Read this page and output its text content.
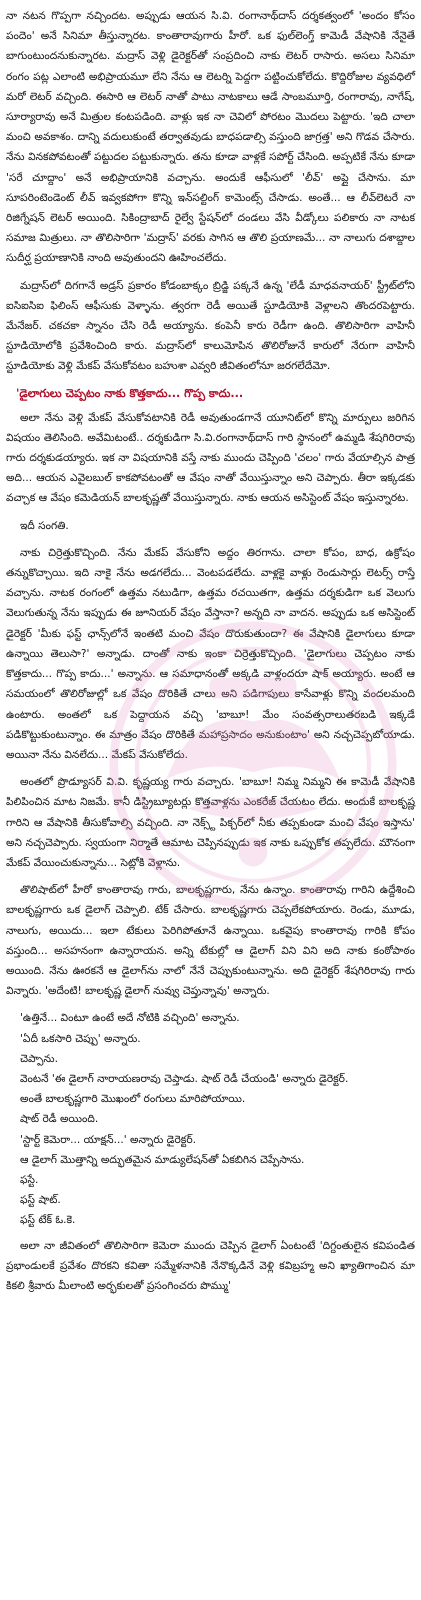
నా నటన గొప్పగా నచ్చిందట. అప్పుడు ఆయన సి.వి. రంగానాథ్‌దాస్ దర్శకత్వంలో 'అందం కోసం పందెం' అనే సినిమా తీస్తున్నారట. కాంతారావుగారు హీరో. ఒక ఫుల్‌లెంగ్త్ కామెడీ వేషానికి నేనైతే బాగుంటుందనుకున్నారట. మద్రాస్ వెళ్లి డైరెక్టర్‌తో సంప్రదించి నాకు లెటర్ రాసారు. అసలు సినిమా రంగం పట్ల ఎలాంటి అభిప్రాయమూ లేని నేను ఆ లెటర్ని పెద్దగా పట్టించుకోలేదు. కొద్దిరోజుల వ్యవధిలో మరో లెటర్ వచ్చింది. ఈసారి ఆ లెటర్ నాతో పాటు నాటకాలు ఆడే సాంబమూర్తి, రంగారావు, నాగేష్, సూర్యారావు అనే మిత్రుల కంటపడింది. వాళ్లు ఇక నా చెవిలో పోరటం మొదలు పెట్టారు. 'ఇది చాలా మంచి అవకాశం. దాన్ని వదులుకుంటే తర్వాతవుడు బాధపడాల్సి వస్తుంది జాగ్రత్త' అని గొడవ చేసారు. నేను వినకపోవటంతో పట్టుదల పట్టుకున్నారు. తను కూడా వాళ్లకే సపోర్ట్ చేసింది. అప్పటికే నేను కూడా 'సరే చూద్దాం' అనే అభిప్రాయానికి వచ్చాను. అందుకే ఆఫీసులో 'లీవ్' అప్లై చేసాను. మా సూపరింటెండెంట్ లీవ్ ఇవ్వకపోగా కొన్ని ఇన్‌సల్టింగ్ కామెంట్స్ చేసాడు. అంతే... ఆ లీవ్‌లెటరే నా రిజిగ్నేషన్ లెటర్ అయింది. సికింద్రాబాద్ రైల్వే స్టేషన్‌లో దండలు వేసి వీడ్కోలు పలికారు నా నాటక సమాజ మిత్రులు. నా తొలిసారిగా 'మద్రాస్' వరకు సాగిన ఆ తొలి ప్రయాణమే... నా నాలుగు దశాబ్దాల సుదీర్ఘ ప్రయాణానికి నాంది అవుతుందని ఊహించలేదు.

మద్రాస్‌లో దిగగానే అడ్రస్ ప్రకారం కోడంబాక్కం బ్రిడ్జి పక్కనే ఉన్న 'లేడీ మాధవనాయర్' స్ట్రీట్‌లోని ఐసిఐసిఐ ఫిలింస్ ఆఫీసుకు వెళ్ళాను. త్వరగా రెడీ అయితే స్టూడియోకి వెళ్లాలని తొందరపెట్టారు. మేనేజర్. చకచకా స్నానం చేసి రెడీ అయ్యాను. కంపెనీ కారు రెడీగా ఉంది. తొలిసారిగా వాహినీ స్టూడియోలోకి ప్రవేశించింది కారు. మద్రాస్‌లో కాలుమోపిన తొలిరోజునే కారులో నేరుగా వాహినీ స్టూడియోకు వెళ్లి మేకప్ వేసుకోవటం బహుశా ఎవ్వరి జీవితంలోనూ జరగలేదేమో.

'డైలాగులు చెప్పటం నాకు కొత్తకాదు... గొప్ప కాదు...

అలా నేను వెళ్లి మేకప్ వేసుకోవటానికి రెడీ అవుతుండగానే యూనిట్‌లో కొన్ని మార్పులు జరిగిన విషయం తెలిసింది. అవేమిటంటే.. దర్శకుడిగా సి.వి.రంగానాథ్‌దాస్ గారి స్థానంలో ఉమ్మడి శేషగిరిరావు గారు దర్శకుడయ్యారు. ఇక నా విషయానికి వస్తే నాకు ముందు చెప్పింది 'చలం' గారు వేయాల్సిన పాత్ర అది... ఆయన ఎవైలబుల్ కాకపోవటంతో ఆ వేషం నాతో వేయిస్తున్నాం అని చెప్పారు. తీరా ఇక్కడకు వచ్చాక ఆ వేషం కమెడియన్ బాలకృష్ణతో వేయిస్తున్నారు. నాకు ఆయన అసిస్టెంట్ వేషం ఇస్తున్నారట.

ఇదీ సంగతి.

నాకు చిర్రెత్తుకొచ్చింది. నేను మేకప్ వేసుకోని అద్దం తిరగాను. చాలా కోపం, బాధ, ఉక్రోషం తన్నుకొచ్చాయి. ఇది నాకై నేను అడగలేదు... వెంటపడలేదు. వాళ్లకై వాళ్లు రెండుసార్లు లెటర్స్ రాస్తే వచ్చాను. నాటక రంగంలో ఉత్తమ నటుడిగా, ఉత్తమ రచయితగా, ఉత్తమ దర్శకుడిగా ఒక వెలుగు వెలుగుతున్న నేను ఇప్పుడు ఈ జూనియర్ వేషం వేస్తానా? అన్నది నా వాదన. అప్పుడు ఒక అసిస్టెంట్ డైరెక్టర్ 'మీకు ఫస్ట్ ఛాన్స్‌లోనే ఇంతటి మంచి వేషం దొరుకుతుందా? ఈ వేషానికి డైలాగులు కూడా ఉన్నాయి తెలుసా?' అన్నాడు. దాంతో నాకు ఇంకా చిర్రెత్తుకొచ్చింది. 'డైలాగులు చెప్పటం నాకు కొత్తకాదు... గొప్ప కాదు...' అన్నాను. ఆ సమాధానంతో అక్కడి వాళ్లందరూ షాక్ అయ్యారు. అంటే ఆ సమయంలో తొలిరోజుల్లో ఒక వేషం దొరికితే చాలు అని పడిగాపులు కాసేవాళ్లు కొన్ని వందలమంది ఉంటారు. అంతలో ఒక పెద్దాయన వచ్చి 'బాబూ! మేం సంవత్సరాలుతరబడి ఇక్కడే పడికొట్టుకుంటున్నాం. ఈ మాత్రం వేషం దొరికితే మహాప్రసాదం అనుకుంటాం' అని నచ్చచెప్పబోయాడు. అయినా నేను వినలేదు... మేకప్ వేసుకోలేదు.

అంతలో ప్రొడ్యూసర్ వి.వి. కృష్ణయ్య గారు వచ్చారు. 'బాబూ! నిమ్మ నిమ్మని ఈ కామెడీ వేషానికి పిలిపించిన మాట నిజమే. కానీ డిస్ట్రిబ్యూటర్లు కొత్తవాళ్లను ఎంకరేజ్ చేయటం లేదు. అందుకే బాలకృష్ణ గారిని ఆ వేషానికి తీసుకోవాల్సి వచ్చింది. నా నెక్స్ట్ పిక్చర్‌లో నీకు తప్పకుండా మంచి వేషం ఇస్తాను' అని నచ్చచెప్పారు. స్వయంగా నిర్మాతే ఆమాట చెప్పినప్పుడు ఇక నాకు ఒప్పుకోక తప్పలేదు. మౌనంగా మేకప్ వేయించుకున్నాను... సెట్లోకి వెళ్లాను.

తొలిషాట్‌లో హీరో కాంతారావు గారు, బాలకృష్ణగారు, నేను ఉన్నాం. కాంతారావు గారిని ఉద్దేశించి బాలకృష్ణగారు ఒక డైలాగ్ చెప్పాలి. టేక్ చేసారు. బాలకృష్ణగారు చెప్పలేకపోయారు. రెండు, మూడు, నాలుగు, అయిదు... ఇలా టేకులు పెరిగిపోతూనే ఉన్నాయి. ఒకవైపు కాంతారావు గారికి కోపం వస్తుంది... అసహనంగా ఉన్నారాయన. అన్ని టేకుల్లో ఆ డైలాగ్ విని విని అది నాకు కంఠోపాఠం అయింది. నేను ఊరకనే ఆ డైలాగ్‌ను నాలో నేనే చెప్పుకుంటున్నాను. అది డైరెక్టర్ శేషగిరిరావు గారు విన్నారు. 'అదేంటి! బాలకృష్ణ డైలాగ్ నువ్వు చెప్తున్నావు' అన్నారు.

'ఉత్తినే... వింటూ ఉంటే అదే నోటికి వచ్చింది' అన్నాను.
'ఏదీ ఒకసారి చెప్పు' అన్నారు.
చెప్పాను.
వెంటనే 'ఈ డైలాగ్ నారాయణరావు చెప్తాడు. షాట్ రెడీ చేయండి' అన్నారు డైరెక్టర్.
అంతే బాలకృష్ణగారి మొఖంలో రంగులు మారిపోయాయి.
షాట్ రెడీ అయింది.
'స్టార్ట్ కెమెరా... యాక్షన్...' అన్నారు డైరెక్టర్.
ఆ డైలాగ్ మొత్తాన్ని అద్భుతమైన మాడ్యులేషన్‌తో ఏకబిగిన చెప్పేసాను.
ఫస్టే.
ఫస్ట్ షాట్.
ఫస్ట్ టేక్ ఓ.కె.

అలా నా జీవితంలో తొలిసారిగా కెమెరా ముందు చెప్పిన డైలాగ్ ఏంటంటే 'దిగ్దంతులైన కవిపండిత ప్రభాండులకే ప్రవేశం దొరకని కవితా సమ్మేళనానికి నేనొక్కడినే వెళ్లి కవిబ్రహ్మ అని ఖ్యాతిగాంచిన మా కికలి శ్రీవారు మీలాంటి అర్భకులతో ప్రసంగించరు పొమ్ము'
